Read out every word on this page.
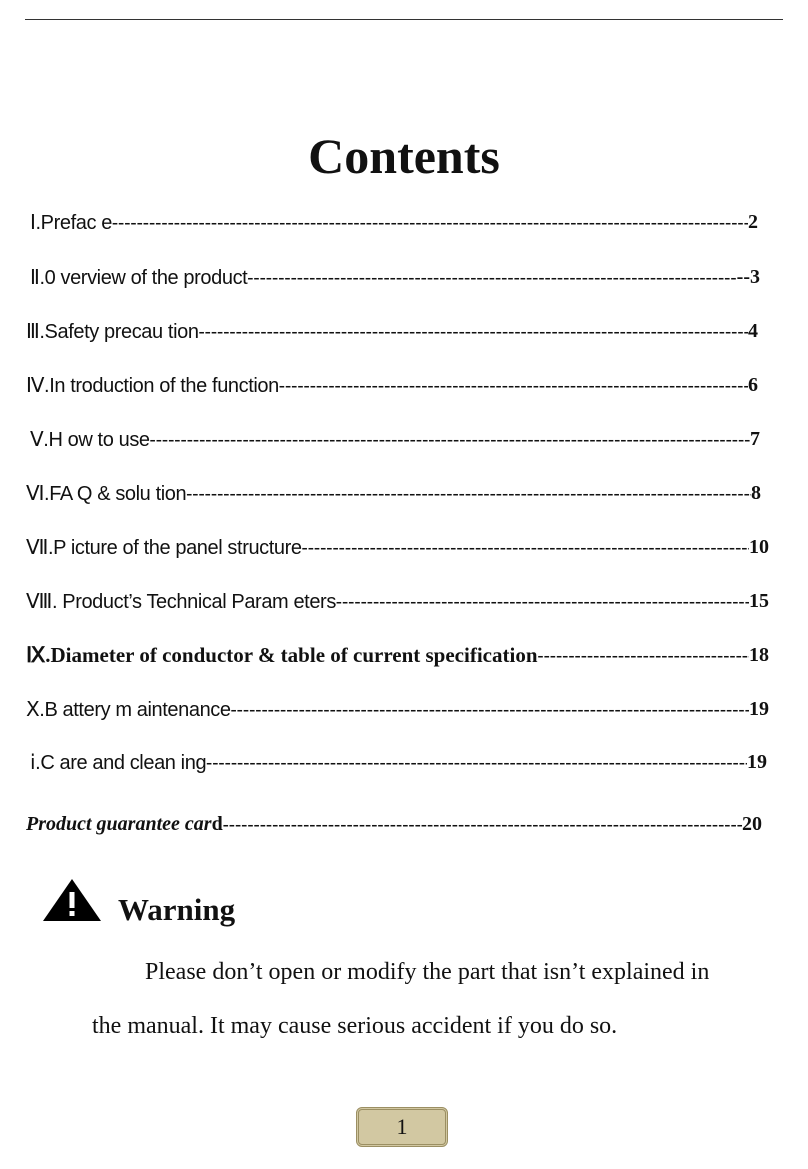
Contents
Ⅰ.Prefac e -----	2
Ⅱ.0 verview of the product -----	--3
Ⅲ.Safety precau tion -----	4
Ⅳ.In troduction of the function -----	6
Ⅴ.H ow to use -----	7
Ⅵ.FA Q & solu tion -----	8
Ⅶ.P icture of the panel structure -----	10
Ⅷ. Product’s Technical Param eters -----	15
Ⅸ.Diameter of conductor & table of current specification -----	18
Ⅹ.B attery m aintenance -----	19
ⅰ.C are and clean ing -----	19
Product guarantee car d -----	20
Warning
Please don’t open or modify the part that isn’t explained in
the manual. It may cause serious accident if you do so.
1
